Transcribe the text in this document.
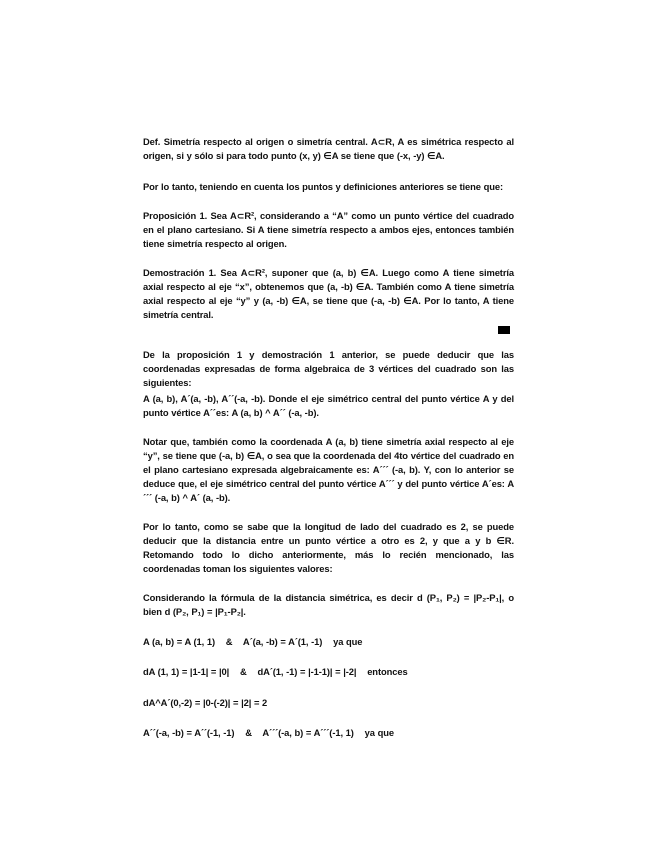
Def. Simetría respecto al origen o simetría central. A⊂R, A es simétrica respecto al origen, si y sólo si para todo punto (x, y) ∈A se tiene que (-x, -y) ∈A.
Por lo tanto, teniendo en cuenta los puntos y definiciones anteriores se tiene que:
Proposición 1. Sea A⊂R², considerando a “A” como un punto vértice del cuadrado en el plano cartesiano. Si A tiene simetría respecto a ambos ejes, entonces también tiene simetría respecto al origen.
Demostración 1. Sea A⊂R², suponer que (a, b) ∈A. Luego como A tiene simetría axial respecto al eje “x”, obtenemos que (a, -b) ∈A. También como A tiene simetría axial respecto al eje “y” y (a, -b) ∈A, se tiene que (-a, -b) ∈A. Por lo tanto, A tiene simetría central.
De la proposición 1 y demostración 1 anterior, se puede deducir que las coordenadas expresadas de forma algebraica de 3 vértices del cuadrado son las siguientes:
A (a, b), A´(a, -b), A´´(-a, -b). Donde el eje simétrico central del punto vértice A y del punto vértice A´´es: A (a, b) ^ A´´ (-a, -b).
Notar que, también como la coordenada A (a, b) tiene simetría axial respecto al eje “y”, se tiene que (-a, b) ∈A, o sea que la coordenada del 4to vértice del cuadrado en el plano cartesiano expresada algebraicamente es: A´´´ (-a, b). Y, con lo anterior se deduce que, el eje simétrico central del punto vértice A´´´ y del punto vértice A´es: A´´´ (-a, b) ^ A´ (a, -b).
Por lo tanto, como se sabe que la longitud de lado del cuadrado es 2, se puede deducir que la distancia entre un punto vértice a otro es 2, y que a y b ∈R. Retomando todo lo dicho anteriormente, más lo recién mencionado, las coordenadas toman los siguientes valores:
Considerando la fórmula de la distancia simétrica, es decir d (P₁, P₂) = |P₂-P₁|, o bien d (P₂, P₁) = |P₁-P₂|.
A (a, b) = A (1, 1)    &    A´(a, -b) = A´(1, -1)    ya que
dA (1, 1) = |1-1| = |0|    &    dA´(1, -1) = |-1-1)| = |-2|    entonces
dA^A´(0,-2) = |0-(-2)| = |2| = 2
A´´(-a, -b) = A´´(-1, -1)    &    A´´´(-a, b) = A´´´(-1, 1)    ya que
